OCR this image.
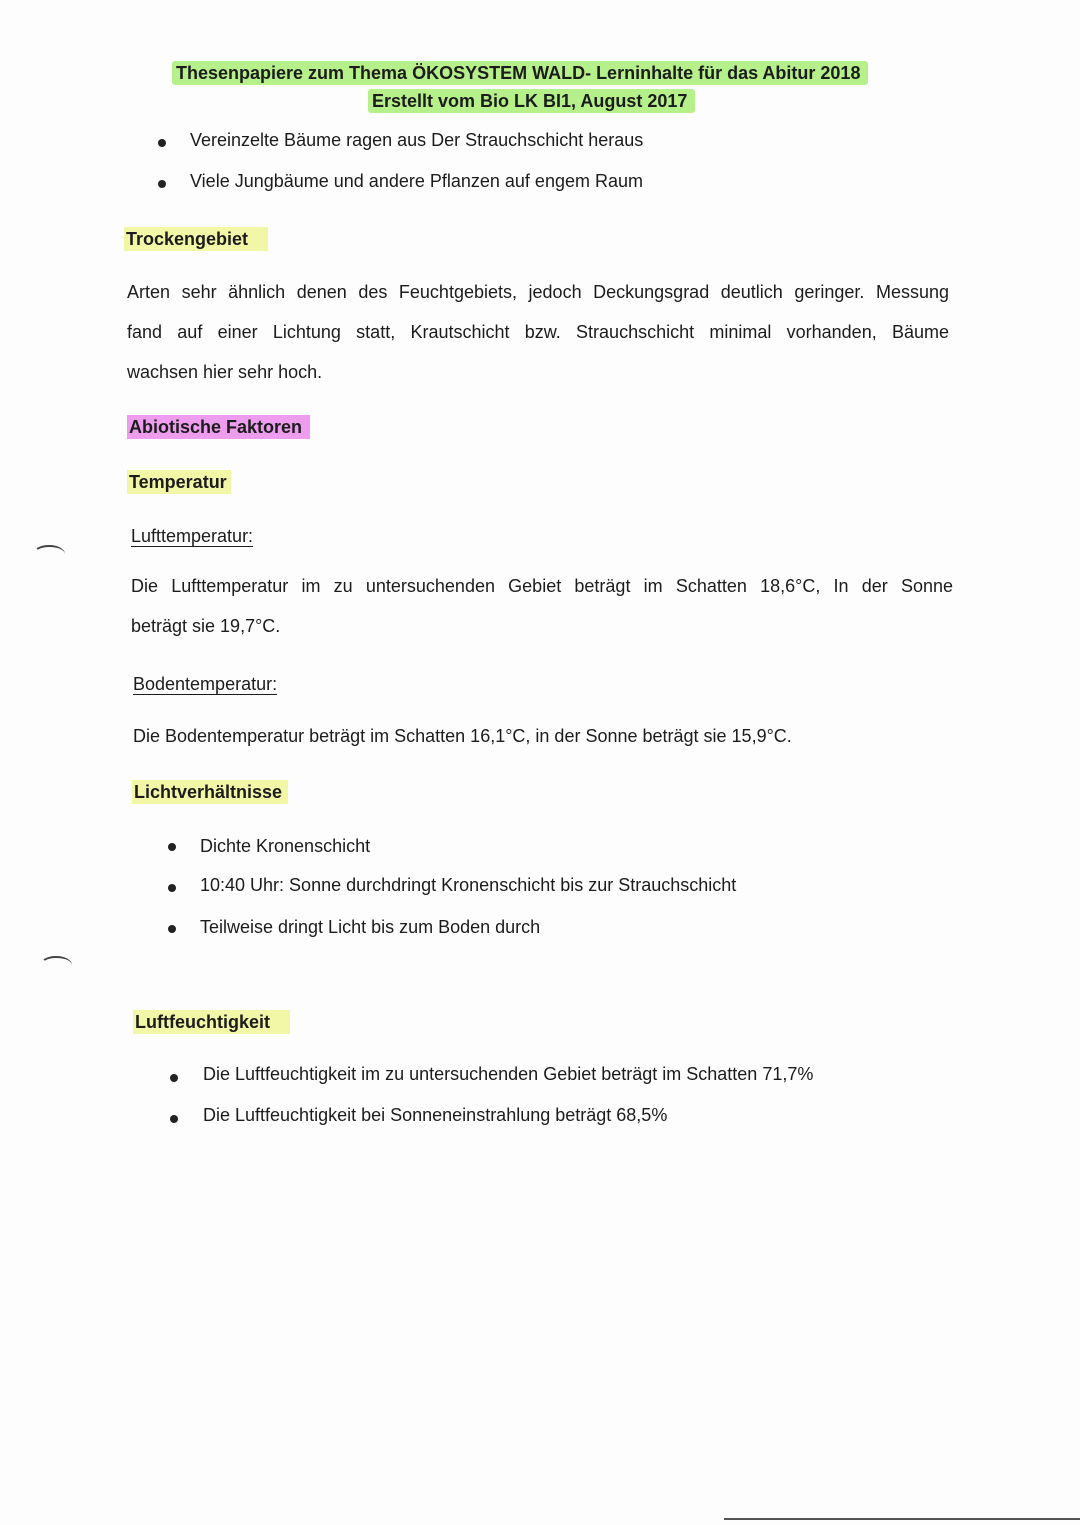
Thesenpapiere zum Thema ÖKOSYSTEM WALD- Lerninhalte für das Abitur 2018
Erstellt vom Bio LK BI1, August 2017
Vereinzelte Bäume ragen aus Der Strauchschicht heraus
Viele Jungbäume und andere Pflanzen auf engem Raum
Trockengebiet
Arten sehr ähnlich denen des Feuchtgebiets, jedoch Deckungsgrad deutlich geringer. Messung
fand auf einer Lichtung statt, Krautschicht bzw. Strauchschicht minimal vorhanden, Bäume
wachsen hier sehr hoch.
Abiotische Faktoren
Temperatur
Lufttemperatur:
Die Lufttemperatur im zu untersuchenden Gebiet beträgt im Schatten 18,6°C, In der Sonne
beträgt sie 19,7°C.
Bodentemperatur:
Die Bodentemperatur beträgt im Schatten 16,1°C, in der Sonne beträgt sie 15,9°C.
Lichtverhältnisse
Dichte Kronenschicht
10:40 Uhr: Sonne durchdringt Kronenschicht bis zur Strauchschicht
Teilweise dringt Licht bis zum Boden durch
Luftfeuchtigkeit
Die Luftfeuchtigkeit im zu untersuchenden Gebiet beträgt im Schatten 71,7%
Die Luftfeuchtigkeit bei Sonneneinstrahlung beträgt 68,5%
